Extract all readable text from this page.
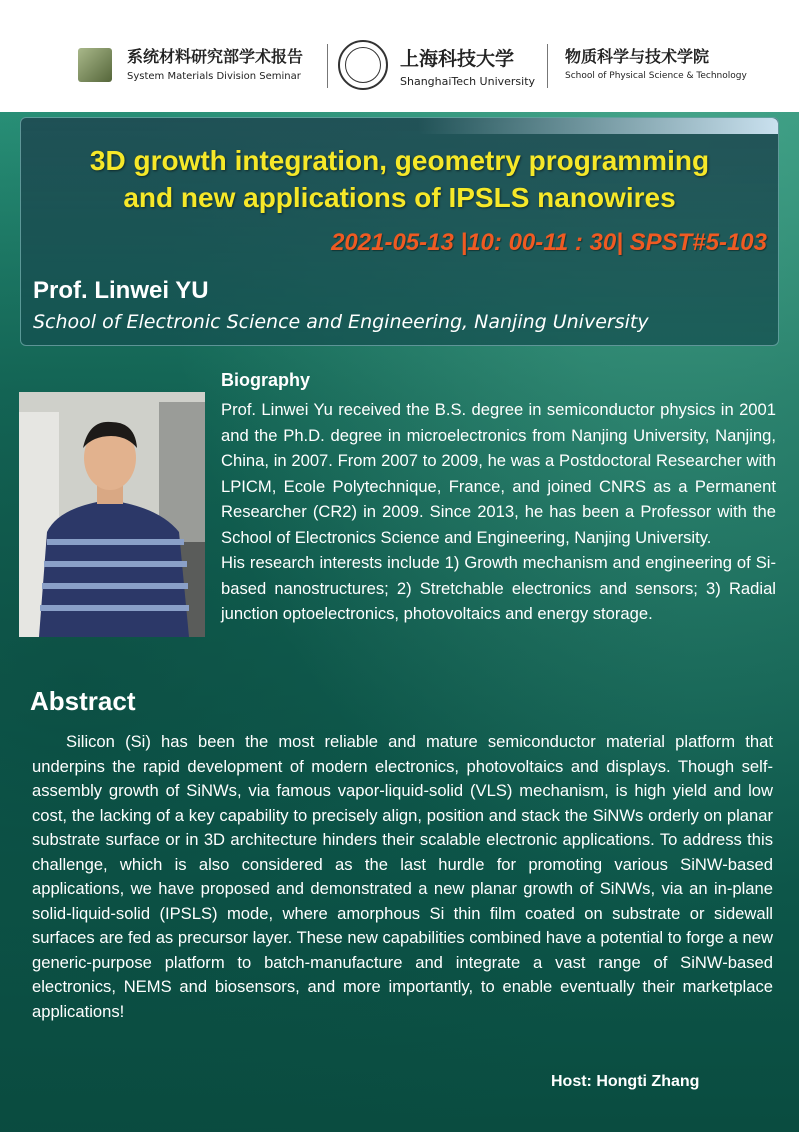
系统材料研究部学术报告
System Materials Division Seminar
上海科技大学
ShanghaiTech University
物质科学与技术学院
School of Physical Science & Technology
3D growth integration, geometry programming
and new applications of IPSLS nanowires
2021-05-13 |10: 00-11 : 30| SPST#5-103
Prof. Linwei YU
School of Electronic Science and Engineering, Nanjing University
Biography

Prof. Linwei Yu received the B.S. degree in semiconductor physics in 2001 and the Ph.D. degree in microelectronics from Nanjing University, Nanjing, China, in 2007. From 2007 to 2009, he was a Postdoctoral Researcher with LPICM, Ecole Polytechnique, France, and joined CNRS as a Permanent Researcher (CR2) in 2009. Since 2013, he has been a Professor with the School of Electronics Science and Engineering, Nanjing University.

His research interests include 1) Growth mechanism and engineering of Si-based nanostructures; 2) Stretchable electronics and sensors; 3) Radial junction optoelectronics, photovoltaics and energy storage.

Abstract

Silicon (Si) has been the most reliable and mature semiconductor material platform that underpins the rapid development of modern electronics, photovoltaics and displays. Though self-assembly growth of SiNWs, via famous vapor-liquid-solid (VLS) mechanism, is high yield and low cost, the lacking of a key capability to precisely align, position and stack the SiNWs orderly on planar substrate surface or in 3D architecture hinders their scalable electronic applications. To address this challenge, which is also considered as the last hurdle for promoting various SiNW-based applications, we have proposed and demonstrated a new planar growth of SiNWs, via an in-plane solid-liquid-solid (IPSLS) mode, where amorphous Si thin film coated on substrate or sidewall surfaces are fed as precursor layer. These new capabilities combined have a potential to forge a new generic-purpose platform to batch-manufacture and integrate a vast range of SiNW-based electronics, NEMS and biosensors, and more importantly, to enable eventually their marketplace applications!

Host: Hongti Zhang
